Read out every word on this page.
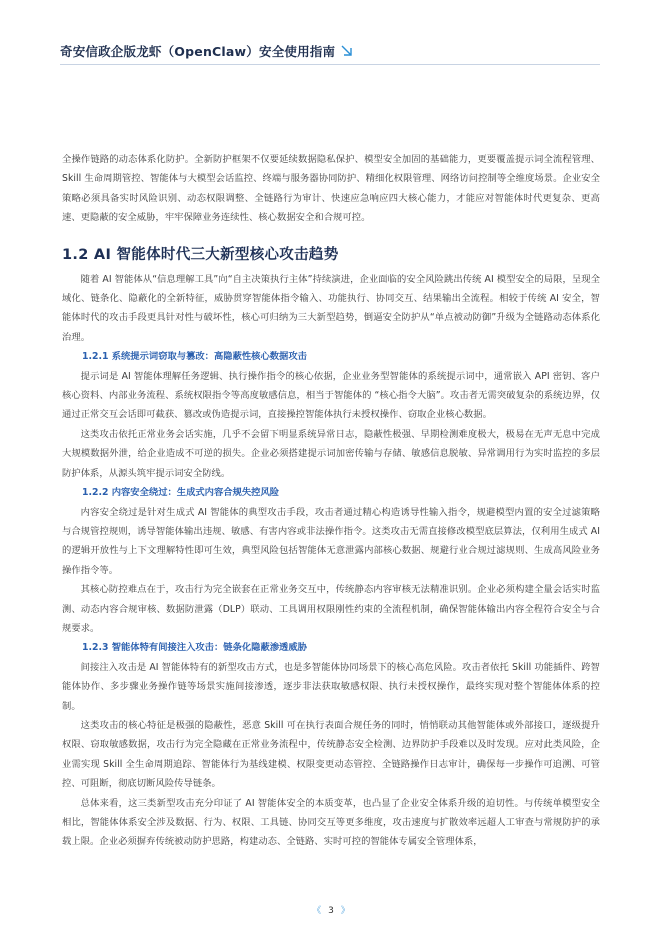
奇安信政企版龙虾（OpenClaw）安全使用指南

全操作链路的动态体系化防护。全新防护框架不仅要延续数据隐私保护、模型安全加固的基础能力，更要覆盖提示词全流程管理、Skill 生命周期管控、智能体与大模型会话监控、终端与服务器协同防护、精细化权限管理、网络访问控制等全维度场景。企业安全策略必须具备实时风险识别、动态权限调整、全链路行为审计、快速应急响应四大核心能力，才能应对智能体时代更复杂、更高速、更隐蔽的安全威胁，牢牢保障业务连续性、核心数据安全和合规可控。

1.2 AI 智能体时代三大新型核心攻击趋势

随着 AI 智能体从“信息理解工具”向“自主决策执行主体”持续演进，企业面临的安全风险跳出传统 AI 模型安全的局限，呈现全域化、链条化、隐蔽化的全新特征，威胁贯穿智能体指令输入、功能执行、协同交互、结果输出全流程。相较于传统 AI 安全，智能体时代的攻击手段更具针对性与破坏性，核心可归纳为三大新型趋势，倒逼安全防护从“单点被动防御”升级为全链路动态体系化治理。

1.2.1 系统提示词窃取与篡改：高隐蔽性核心数据攻击

提示词是 AI 智能体理解任务逻辑、执行操作指令的核心依据，企业业务型智能体的系统提示词中，通常嵌入 API 密钥、客户核心资料、内部业务流程、系统权限指令等高度敏感信息，相当于智能体的 “核心指令大脑”。攻击者无需突破复杂的系统边界，仅通过正常交互会话即可截获、篡改或伪造提示词，直接操控智能体执行未授权操作、窃取企业核心数据。

这类攻击依托正常业务会话实施，几乎不会留下明显系统异常日志，隐蔽性极强、早期检测难度极大，极易在无声无息中完成大规模数据外泄，给企业造成不可逆的损失。企业必须搭建提示词加密传输与存储、敏感信息脱敏、异常调用行为实时监控的多层防护体系，从源头筑牢提示词安全防线。

1.2.2 内容安全绕过：生成式内容合规失控风险

内容安全绕过是针对生成式 AI 智能体的典型攻击手段，攻击者通过精心构造诱导性输入指令，规避模型内置的安全过滤策略与合规管控规则，诱导智能体输出违规、敏感、有害内容或非法操作指令。这类攻击无需直接修改模型底层算法，仅利用生成式 AI 的逻辑开放性与上下文理解特性即可生效，典型风险包括智能体无意泄露内部核心数据、规避行业合规过滤规则、生成高风险业务操作指令等。

其核心防控难点在于，攻击行为完全嵌套在正常业务交互中，传统静态内容审核无法精准识别。企业必须构建全量会话实时监测、动态内容合规审核、数据防泄露（DLP）联动、工具调用权限刚性约束的全流程机制，确保智能体输出内容全程符合安全与合规要求。

1.2.3 智能体特有间接注入攻击：链条化隐蔽渗透威胁

间接注入攻击是 AI 智能体特有的新型攻击方式，也是多智能体协同场景下的核心高危风险。攻击者依托 Skill 功能插件、跨智能体协作、多步骤业务操作链等场景实施间接渗透，逐步非法获取敏感权限、执行未授权操作，最终实现对整个智能体体系的控制。

这类攻击的核心特征是极强的隐蔽性，恶意 Skill 可在执行表面合规任务的同时，悄悄联动其他智能体或外部接口，逐级提升权限、窃取敏感数据，攻击行为完全隐藏在正常业务流程中，传统静态安全检测、边界防护手段难以及时发现。应对此类风险，企业需实现 Skill 全生命周期追踪、智能体行为基线建模、权限变更动态管控、全链路操作日志审计，确保每一步操作可追溯、可管控、可阻断，彻底切断风险传导链条。

总体来看，这三类新型攻击充分印证了 AI 智能体安全的本质变革，也凸显了企业安全体系升级的迫切性。与传统单模型安全相比，智能体体系安全涉及数据、行为、权限、工具链、协同交互等更多维度，攻击速度与扩散效率远超人工审查与常规防护的承载上限。企业必须摒弃传统被动防护思路，构建动态、全链路、实时可控的智能体专属安全管理体系，

《 3 》
